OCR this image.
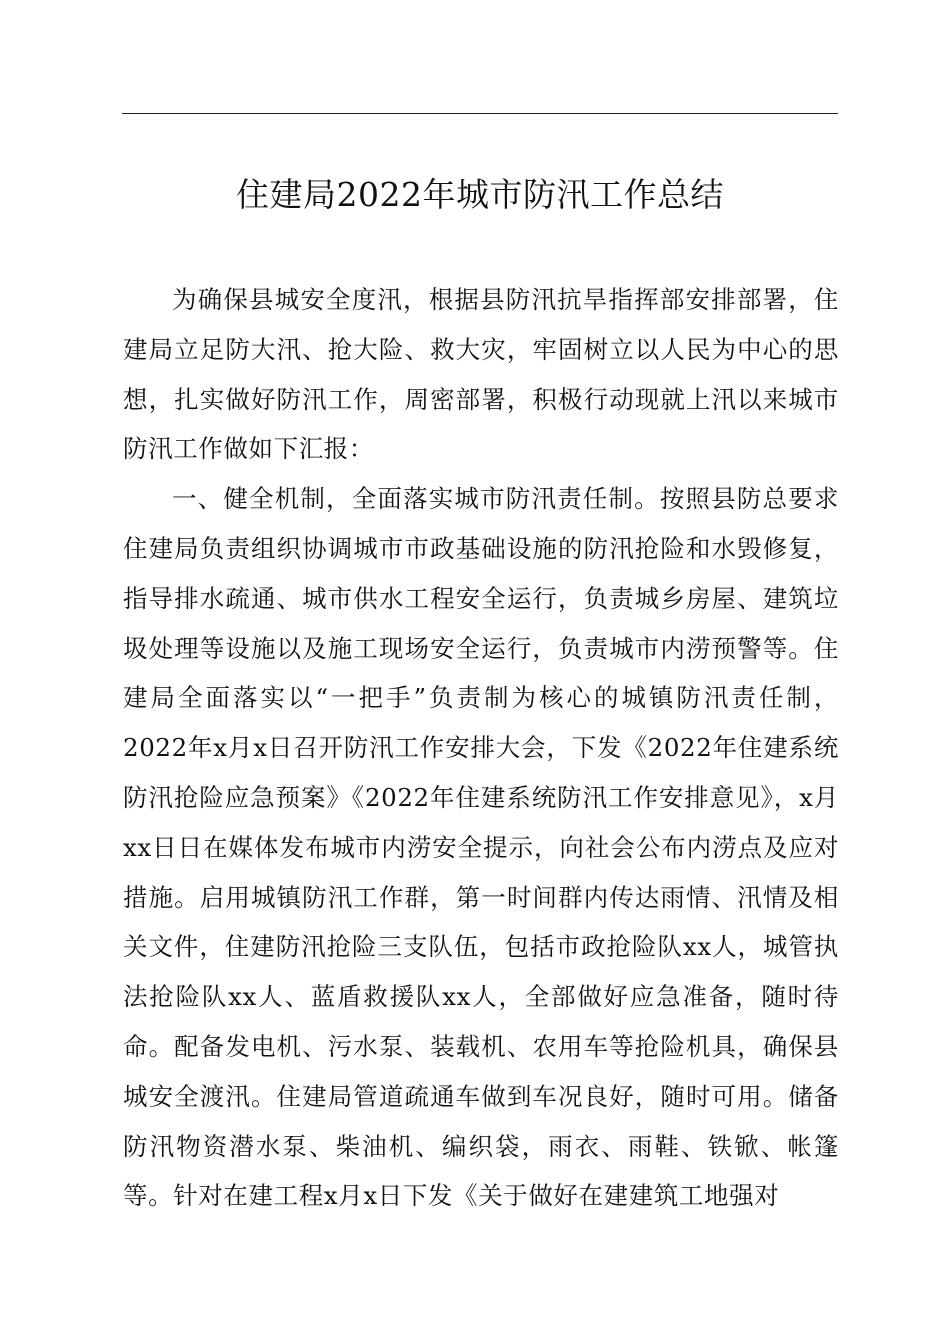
住建局2022年城市防汛工作总结

为确保县城安全度汛，根据县防汛抗旱指挥部安排部署，住建局立足防大汛、抢大险、救大灾，牢固树立以人民为中心的思想，扎实做好防汛工作，周密部署，积极行动现就上汛以来城市防汛工作做如下汇报：

一、健全机制，全面落实城市防汛责任制。按照县防总要求住建局负责组织协调城市市政基础设施的防汛抢险和水毁修复，指导排水疏通、城市供水工程安全运行，负责城乡房屋、建筑垃圾处理等设施以及施工现场安全运行，负责城市内涝预警等。住建局全面落实以“一把手”负责制为核心的城镇防汛责任制，2022年x月x日召开防汛工作安排大会，下发《2022年住建系统防汛抢险应急预案》《2022年住建系统防汛工作安排意见》，x月xx日日在媒体发布城市内涝安全提示，向社会公布内涝点及应对措施。启用城镇防汛工作群，第一时间群内传达雨情、汛情及相关文件，住建防汛抢险三支队伍，包括市政抢险队xx人，城管执法抢险队xx人、蓝盾救援队xx人，全部做好应急准备，随时待命。配备发电机、污水泵、装载机、农用车等抢险机具，确保县城安全渡汛。住建局管道疏通车做到车况良好，随时可用。储备防汛物资潜水泵、柴油机、编织袋，雨衣、雨鞋、铁锨、帐篷等。针对在建工程x月x日下发《关于做好在建建筑工地强对
